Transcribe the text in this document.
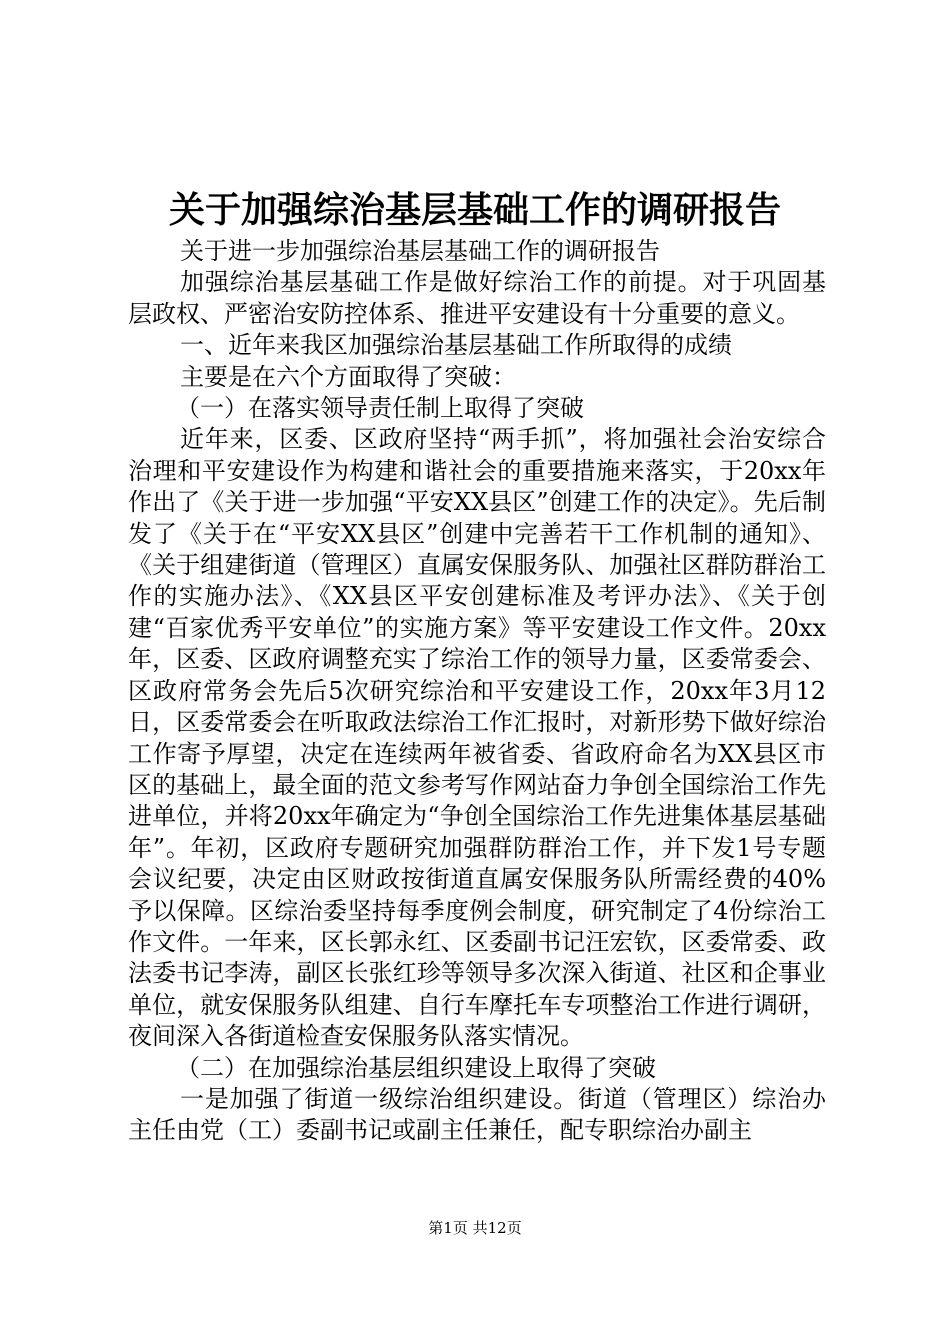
关于加强综治基层基础工作的调研报告

关于进一步加强综治基层基础工作的调研报告

加强综治基层基础工作是做好综治工作的前提。对于巩固基层政权、严密治安防控体系、推进平安建设有十分重要的意义。

一、近年来我区加强综治基层基础工作所取得的成绩

主要是在六个方面取得了突破：

（一）在落实领导责任制上取得了突破

近年来，区委、区政府坚持“两手抓”，将加强社会治安综合治理和平安建设作为构建和谐社会的重要措施来落实，于20xx年作出了《关于进一步加强“平安XX县区”创建工作的决定》。先后制发了《关于在“平安XX县区”创建中完善若干工作机制的通知》、《关于组建街道（管理区）直属安保服务队、加强社区群防群治工作的实施办法》、《XX县区平安创建标准及考评办法》、《关于创建“百家优秀平安单位”的实施方案》等平安建设工作文件。20xx年，区委、区政府调整充实了综治工作的领导力量，区委常委会、区政府常务会先后5次研究综治和平安建设工作，20xx年3月12日，区委常委会在听取政法综治工作汇报时，对新形势下做好综治工作寄予厚望，决定在连续两年被省委、省政府命名为XX县区市区的基础上，最全面的范文参考写作网站奋力争创全国综治工作先进单位，并将20xx年确定为“争创全国综治工作先进集体基层基础年”。年初，区政府专题研究加强群防群治工作，并下发1号专题会议纪要，决定由区财政按街道直属安保服务队所需经费的40%予以保障。区综治委坚持每季度例会制度，研究制定了4份综治工作文件。一年来，区长郭永红、区委副书记汪宏钦，区委常委、政法委书记李涛，副区长张红珍等领导多次深入街道、社区和企事业单位，就安保服务队组建、自行车摩托车专项整治工作进行调研，夜间深入各街道检查安保服务队落实情况。

（二）在加强综治基层组织建设上取得了突破

一是加强了街道一级综治组织建设。街道（管理区）综治办主任由党（工）委副书记或副主任兼任，配专职综治办副主

第1页 共12页
